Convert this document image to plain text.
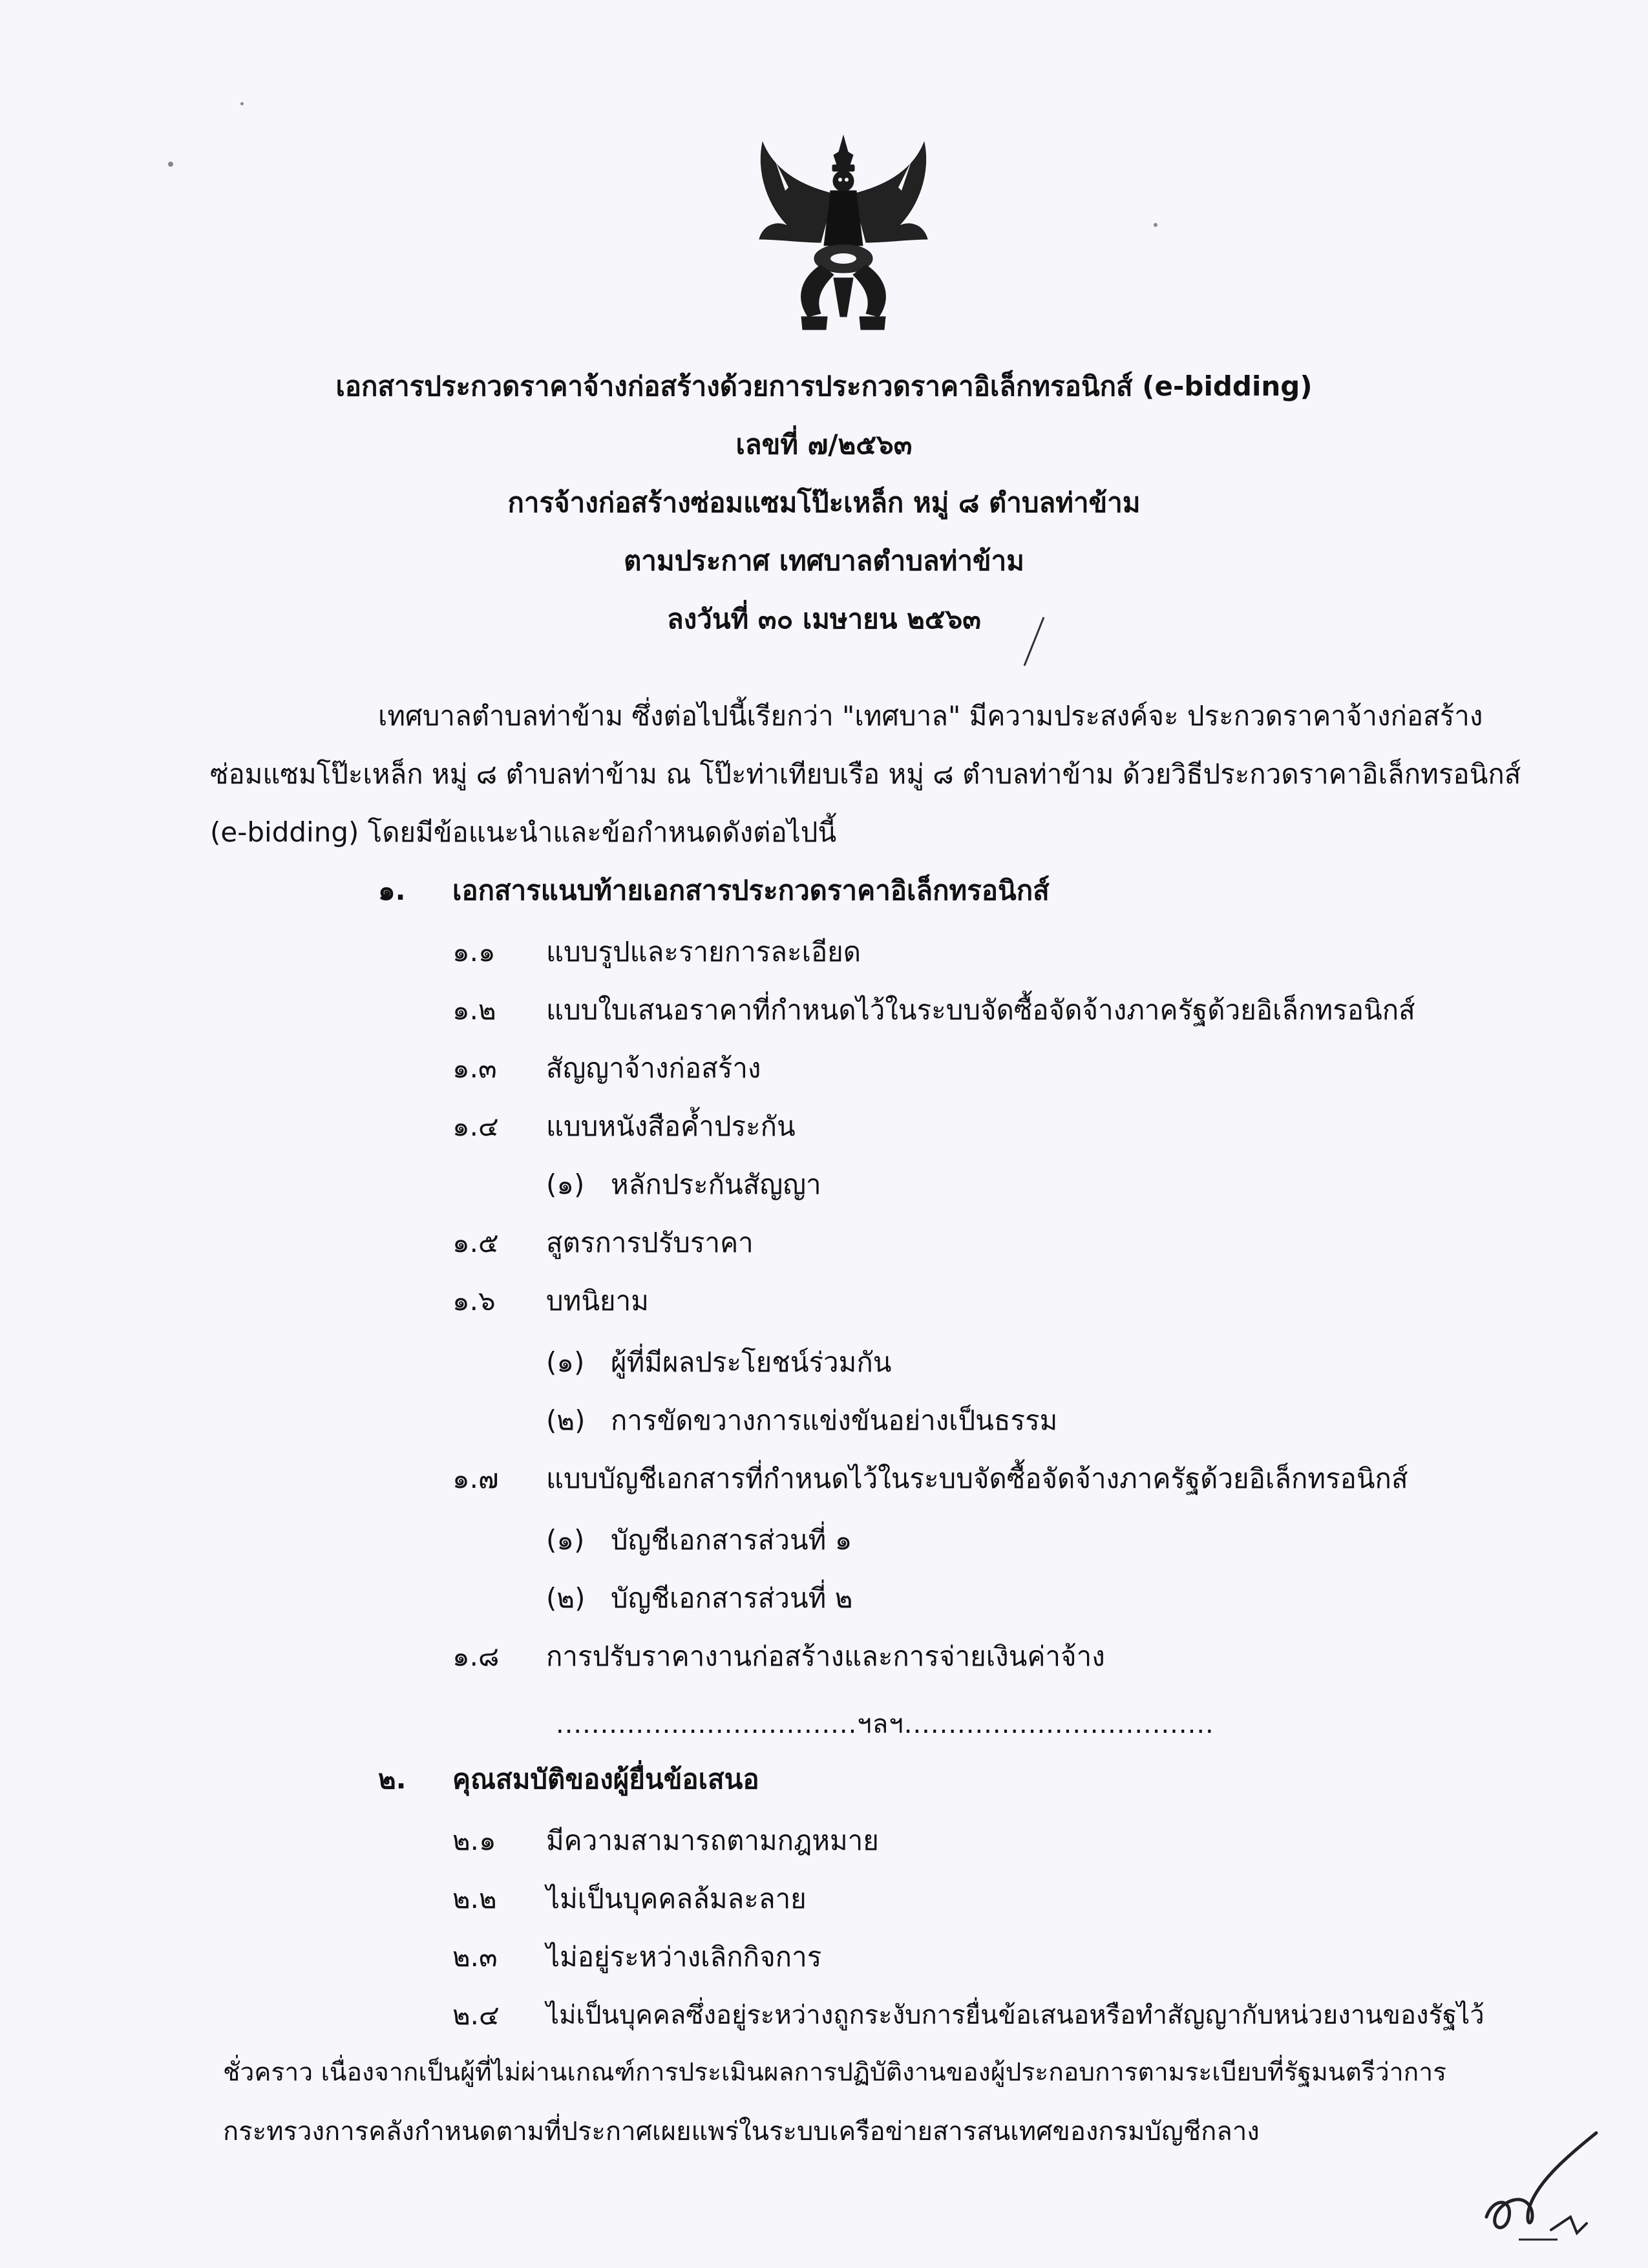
เอกสารประกวดราคาจ้างก่อสร้างด้วยการประกวดราคาอิเล็กทรอนิกส์ (e-bidding)
เลขที่ ๗/๒๕๖๓
การจ้างก่อสร้างซ่อมแซมโป๊ะเหล็ก หมู่ ๘ ตำบลท่าข้าม
ตามประกาศ เทศบาลตำบลท่าข้าม
ลงวันที่ ๓๐ เมษายน ๒๕๖๓
เทศบาลตำบลท่าข้าม ซึ่งต่อไปนี้เรียกว่า "เทศบาล" มีความประสงค์จะ ประกวดราคาจ้างก่อสร้าง
ซ่อมแซมโป๊ะเหล็ก หมู่ ๘ ตำบลท่าข้าม ณ โป๊ะท่าเทียบเรือ หมู่ ๘ ตำบลท่าข้าม ด้วยวิธีประกวดราคาอิเล็กทรอนิกส์
(e-bidding) โดยมีข้อแนะนำและข้อกำหนดดังต่อไปนี้
๑. เอกสารแนบท้ายเอกสารประกวดราคาอิเล็กทรอนิกส์
๑.๑ แบบรูปและรายการละเอียด
๑.๒ แบบใบเสนอราคาที่กำหนดไว้ในระบบจัดซื้อจัดจ้างภาครัฐด้วยอิเล็กทรอนิกส์
๑.๓ สัญญาจ้างก่อสร้าง
๑.๔ แบบหนังสือค้ำประกัน
(๑) หลักประกันสัญญา
๑.๕ สูตรการปรับราคา
๑.๖ บทนิยาม
(๑) ผู้ที่มีผลประโยชน์ร่วมกัน
(๒) การขัดขวางการแข่งขันอย่างเป็นธรรม
๑.๗ แบบบัญชีเอกสารที่กำหนดไว้ในระบบจัดซื้อจัดจ้างภาครัฐด้วยอิเล็กทรอนิกส์
(๑) บัญชีเอกสารส่วนที่ ๑
(๒) บัญชีเอกสารส่วนที่ ๒
๑.๘ การปรับราคางานก่อสร้างและการจ่ายเงินค่าจ้าง
..................................ฯลฯ...................................
๒. คุณสมบัติของผู้ยื่นข้อเสนอ
๒.๑ มีความสามารถตามกฎหมาย
๒.๒ ไม่เป็นบุคคลล้มละลาย
๒.๓ ไม่อยู่ระหว่างเลิกกิจการ
๒.๔ ไม่เป็นบุคคลซึ่งอยู่ระหว่างถูกระงับการยื่นข้อเสนอหรือทำสัญญากับหน่วยงานของรัฐไว้
ชั่วคราว เนื่องจากเป็นผู้ที่ไม่ผ่านเกณฑ์การประเมินผลการปฏิบัติงานของผู้ประกอบการตามระเบียบที่รัฐมนตรีว่าการ
กระทรวงการคลังกำหนดตามที่ประกาศเผยแพร่ในระบบเครือข่ายสารสนเทศของกรมบัญชีกลาง
